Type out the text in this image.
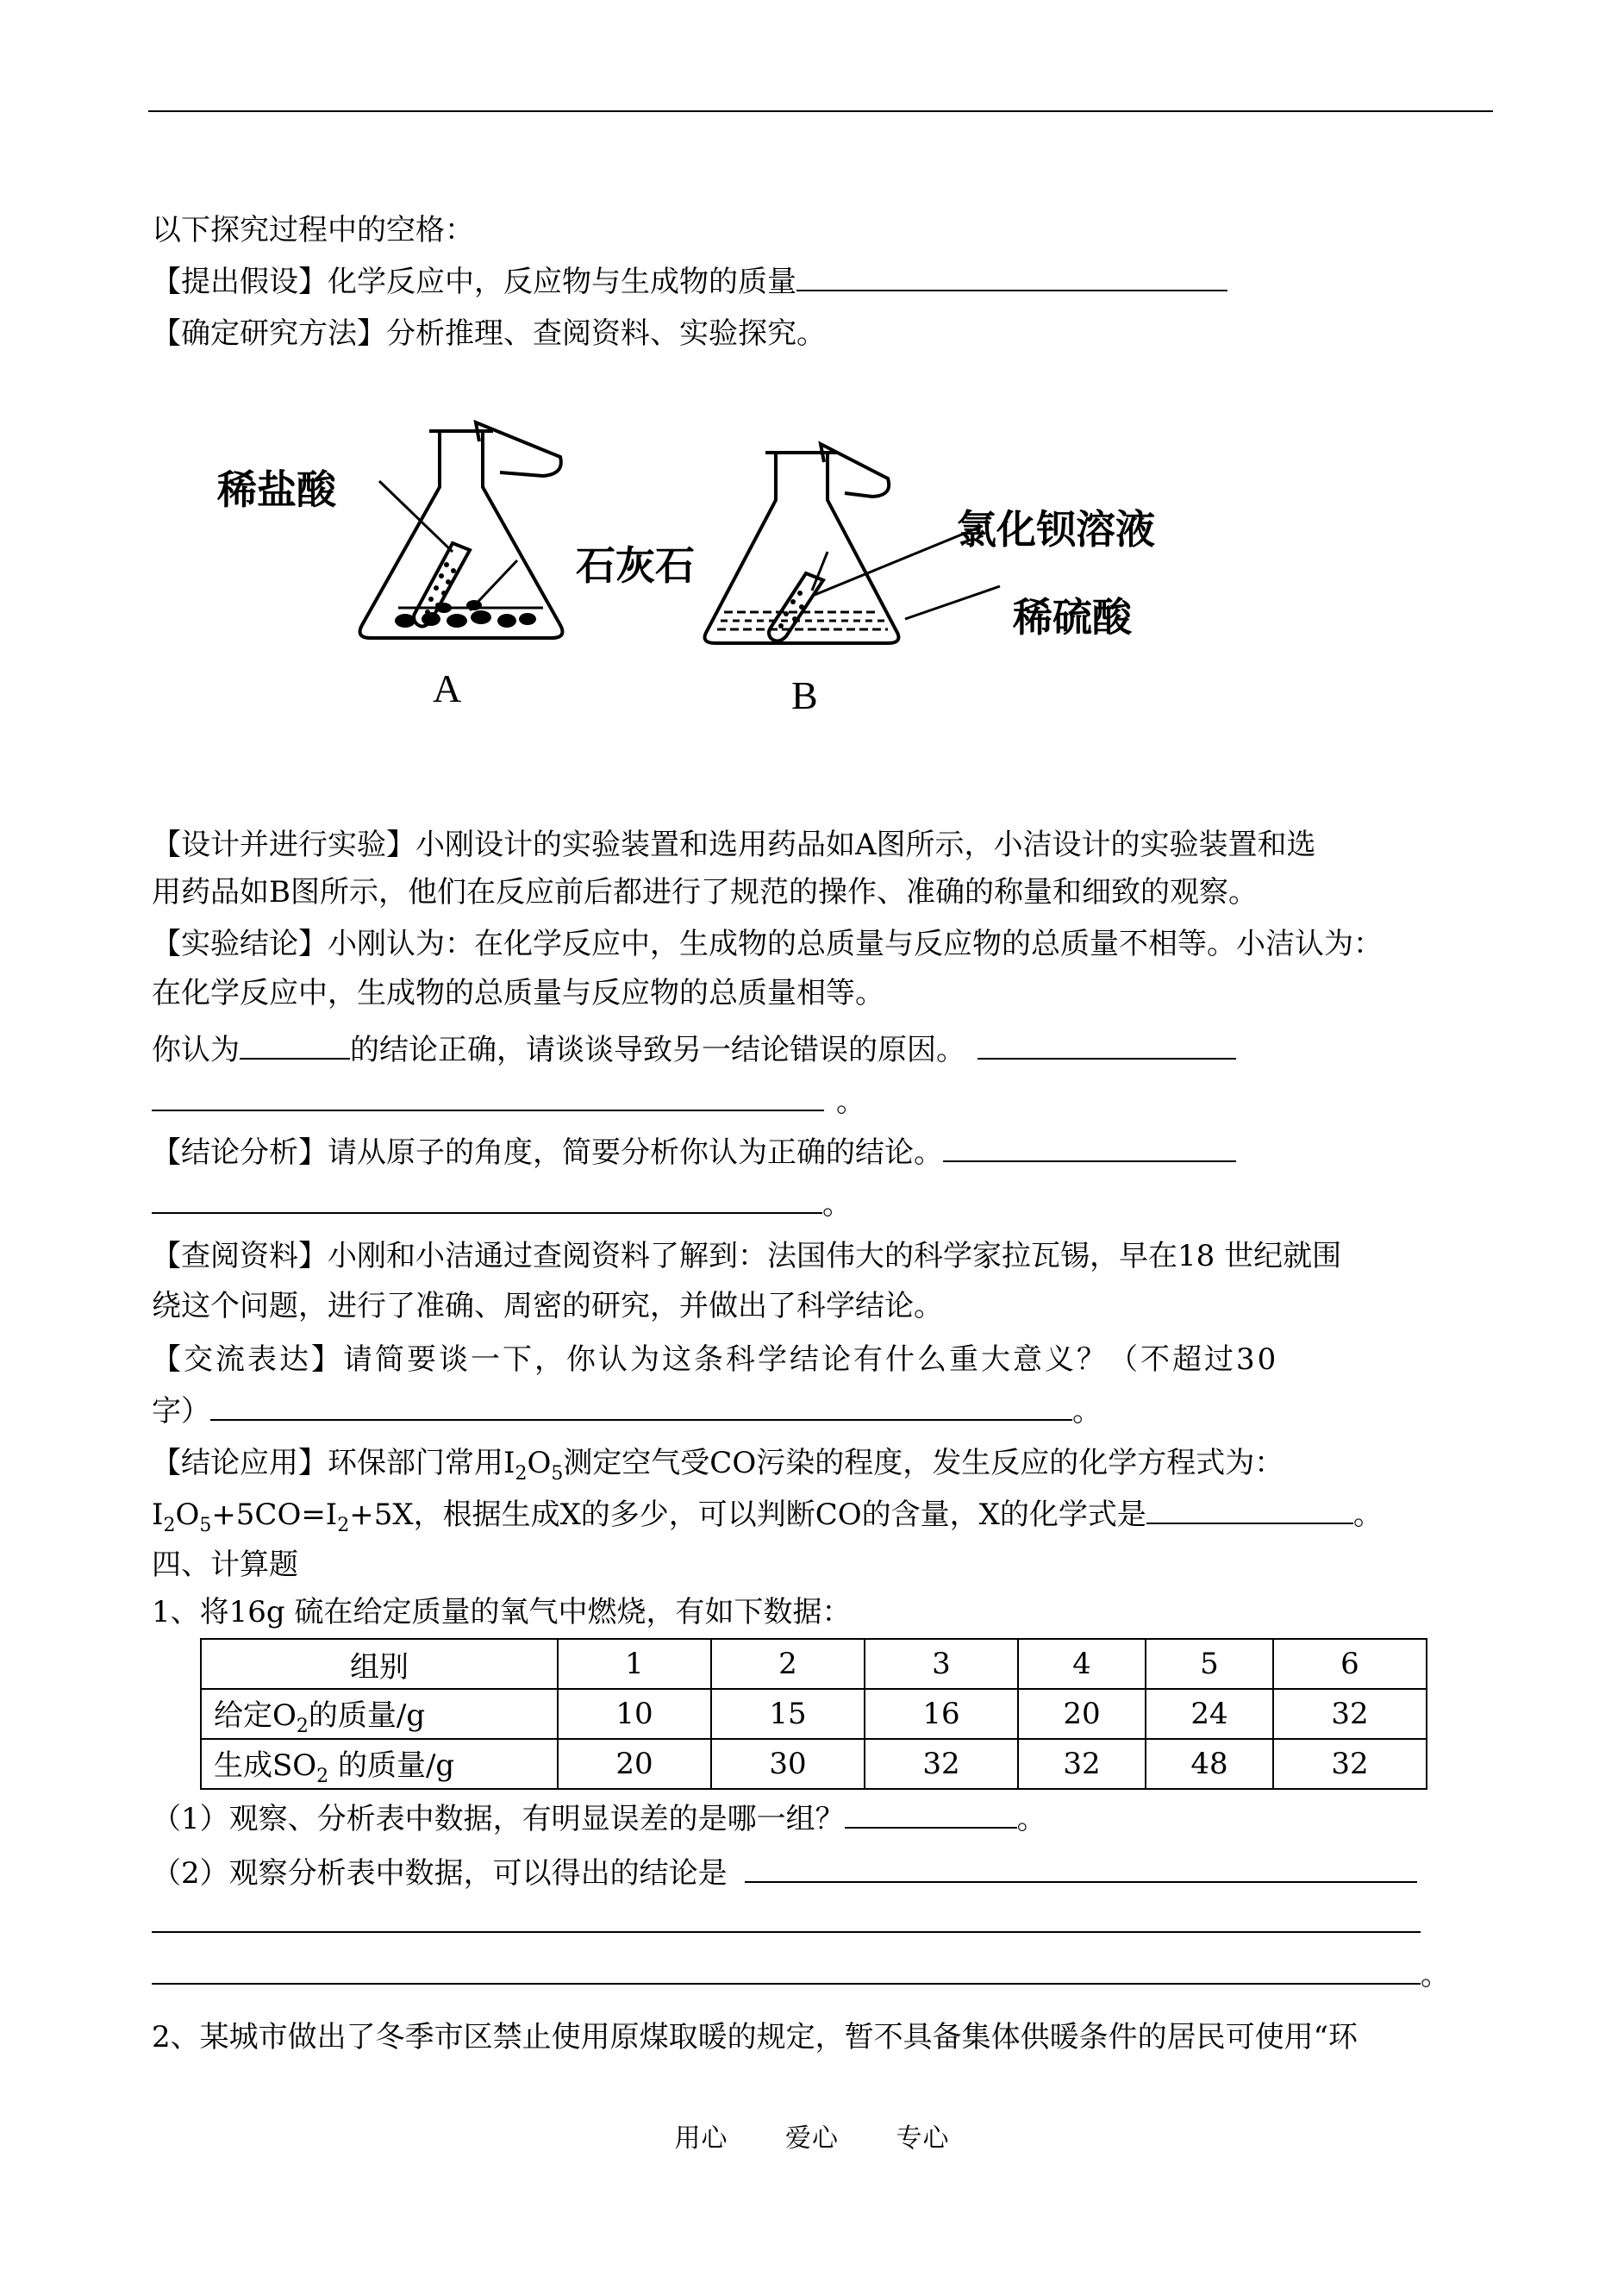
以下探究过程中的空格：
【提出假设】化学反应中，反应物与生成物的质量
【确定研究方法】分析推理、查阅资料、实验探究。
稀盐酸
石灰石
A
氯化钡溶液
稀硫酸
B
【设计并进行实验】小刚设计的实验装置和选用药品如A图所示，小洁设计的实验装置和选
用药品如B图所示，他们在反应前后都进行了规范的操作、准确的称量和细致的观察。
【实验结论】小刚认为：在化学反应中，生成物的总质量与反应物的总质量不相等。小洁认为：
在化学反应中，生成物的总质量与反应物的总质量相等。
你认为	的结论正确，请谈谈导致另一结论错误的原因。
。
【结论分析】请从原子的角度，简要分析你认为正确的结论。
。
【查阅资料】小刚和小洁通过查阅资料了解到：法国伟大的科学家拉瓦锡，早在18 世纪就围
绕这个问题，进行了准确、周密的研究，并做出了科学结论。
【交流表达】请简要谈一下，你认为这条科学结论有什么重大意义？（不超过30
字）	。
【结论应用】环保部门常用$I_2O_5$测定空气受CO污染的程度，发生反应的化学方程式为：
$I_2O_5+5CO=I_2+5X$，根据生成X的多少，可以判断CO的含量，X的化学式是	。
四、计算题
1、将16g 硫在给定质量的氧气中燃烧，有如下数据：
组别	1	2	3	4	5	6
给定$O_2$的质量/g	10	15	16	20	24	32
生成$SO_2$ 的质量/g	20	30	32	32	48	32
（1）观察、分析表中数据，有明显误差的是哪一组？	。
（2）观察分析表中数据，可以得出的结论是
。
2、某城市做出了冬季市区禁止使用原煤取暖的规定，暂不具备集体供暖条件的居民可使用“环
用心 爱心 专心
